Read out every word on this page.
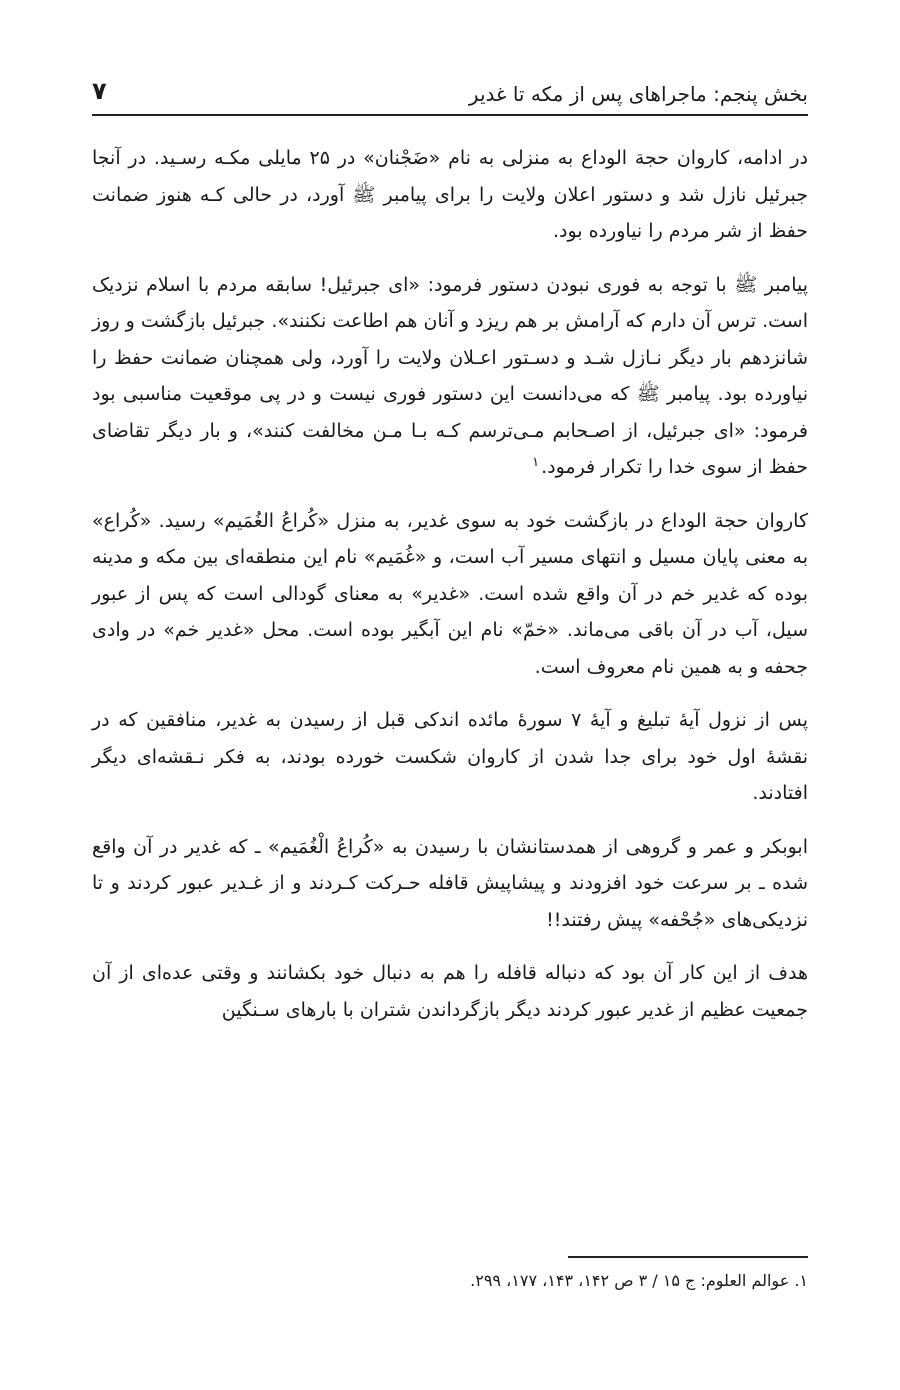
بخش پنجم: ماجراهای پس از مکه تا غدیر
۷

در ادامه، کاروان حجة الوداع به منزلی به نام «ضَجْنان» در ۲۵ مایلی مکـه رسـید. در آنجا جبرئیل نازل شد و دستور اعلان ولایت را برای پیامبر ﷺ آورد، در حالی کـه هنوز ضمانت حفظ از شر مردم را نیاورده بود.

پیامبر ﷺ با توجه به فوری نبودن دستور فرمود: «ای جبرئیل! سابقه مردم با اسلام نزدیک است. ترس آن دارم که آرامش بر هم ریزد و آنان هم اطاعت نکنند». جبرئیل بازگشت و روز شانزدهم بار دیگر نـازل شـد و دسـتور اعـلان ولایت را آورد، ولی همچنان ضمانت حفظ را نیاورده بود. پیامبر ﷺ که می‌دانست این دستور فوری نیست و در پی موقعیت مناسبی بود فرمود: «ای جبرئیل، از اصـحابم مـی‌ترسم کـه بـا مـن مخالفت کنند»، و بار دیگر تقاضای حفظ از سوی خدا را تکرار فرمود.$^۱$

کاروان حجة الوداع در بازگشت خود به سوی غدیر، به منزل «کُراعُ الغُمَیم» رسید. «کُراع» به معنی پایان مسیل و انتهای مسیر آب است، و «غُمَیم» نام این منطقه‌ای بین مکه و مدینه بوده که غدیر خم در آن واقع شده است. «غدیر» به معنای گودالی است که پس از عبور سیل، آب در آن باقی می‌ماند. «خمّ» نام این آبگیر بوده است. محل «غدیر خم» در وادی جحفه و به همین نام معروف است.

پس از نزول آیهٔ تبلیغ و آیهٔ ۷ سورهٔ مائده اندکی قبل از رسیدن به غدیر، منافقین که در نقشهٔ اول خود برای جدا شدن از کاروان شکست خورده بودند، به فکر نـقشه‌ای دیگر افتادند.

ابوبکر و عمر و گروهی از همدستانشان با رسیدن به «کُراعُ الْغُمَیم» ـ که غدیر در آن واقع شده ـ بر سرعت خود افزودند و پیشاپیش قافله حـرکت کـردند و از غـدیر عبور کردند و تا نزدیکی‌های «جُحْفه» پیش رفتند!!

هدف از این کار آن بود که دنباله قافله را هم به دنبال خود بکشانند و وقتی عده‌ای از آن جمعیت عظیم از غدیر عبور کردند دیگر بازگرداندن شتران با بارهای سـنگین

۱. عوالم العلوم: ج ۱۵ / ۳ ص ۱۴۲، ۱۴۳، ۱۷۷، ۲۹۹.
